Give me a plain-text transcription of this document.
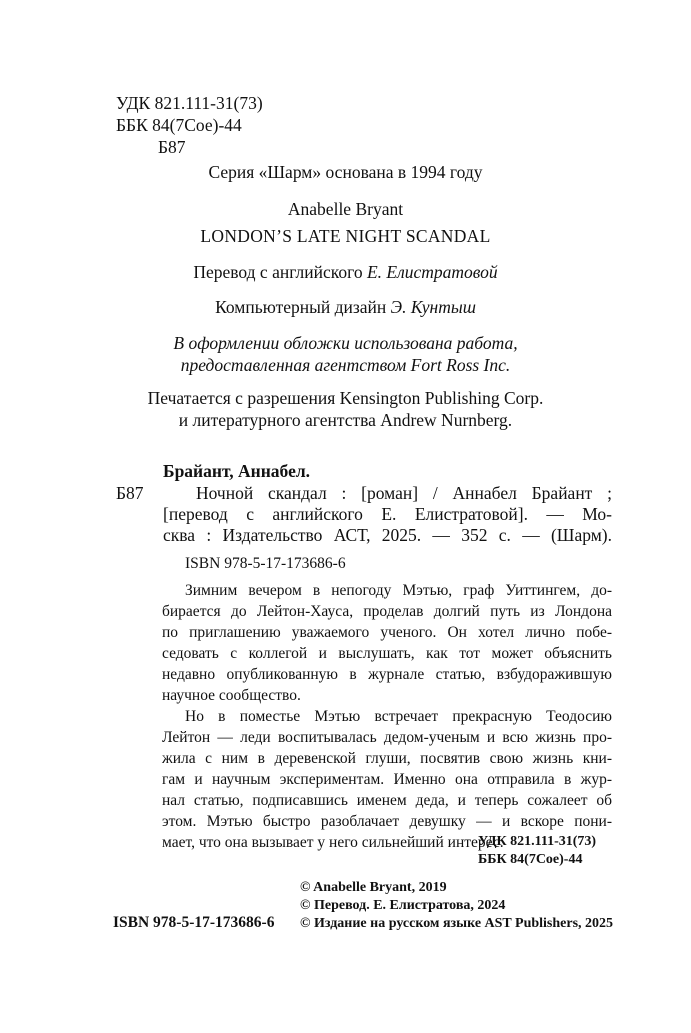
УДК 821.111-31(73)
ББК 84(7Сое)-44
Б87
Серия «Шарм» основана в 1994 году
Anabelle Bryant
LONDON’S LATE NIGHT SCANDAL
Перевод с английского Е. Елистратовой
Компьютерный дизайн Э. Кунтыш
В оформлении обложки использована работа,
предоставленная агентством Fort Ross Inc.
Печатается с разрешения Kensington Publishing Corp.
и литературного агентства Andrew Nurnberg.
Брайант, Аннабел.
Б87	Ночной скандал : [роман] / Аннабел Брайант ;
[перевод с английского Е. Елистратовой]. — Мо-
сква : Издательство АСТ, 2025. — 352 с. — (Шарм).
ISBN 978-5-17-173686-6
Зимним вечером в непогоду Мэтью, граф Уиттингем, до-
бирается до Лейтон-Хауса, проделав долгий путь из Лондона
по приглашению уважаемого ученого. Он хотел лично побе-
седовать с коллегой и выслушать, как тот может объяснить
недавно опубликованную в журнале статью, взбудоражившую
научное сообщество.
Но в поместье Мэтью встречает прекрасную Теодосию
Лейтон — леди воспитывалась дедом-ученым и всю жизнь про-
жила с ним в деревенской глуши, посвятив свою жизнь кни-
гам и научным экспериментам. Именно она отправила в жур-
нал статью, подписавшись именем деда, и теперь сожалеет об
этом. Мэтью быстро разоблачает девушку — и вскоре пони-
мает, что она вызывает у него сильнейший интерес.
УДК 821.111-31(73)
ББК 84(7Сое)-44
© Anabelle Bryant, 2019
© Перевод. Е. Елистратова, 2024
© Издание на русском языке AST Publishers, 2025
ISBN 978-5-17-173686-6
